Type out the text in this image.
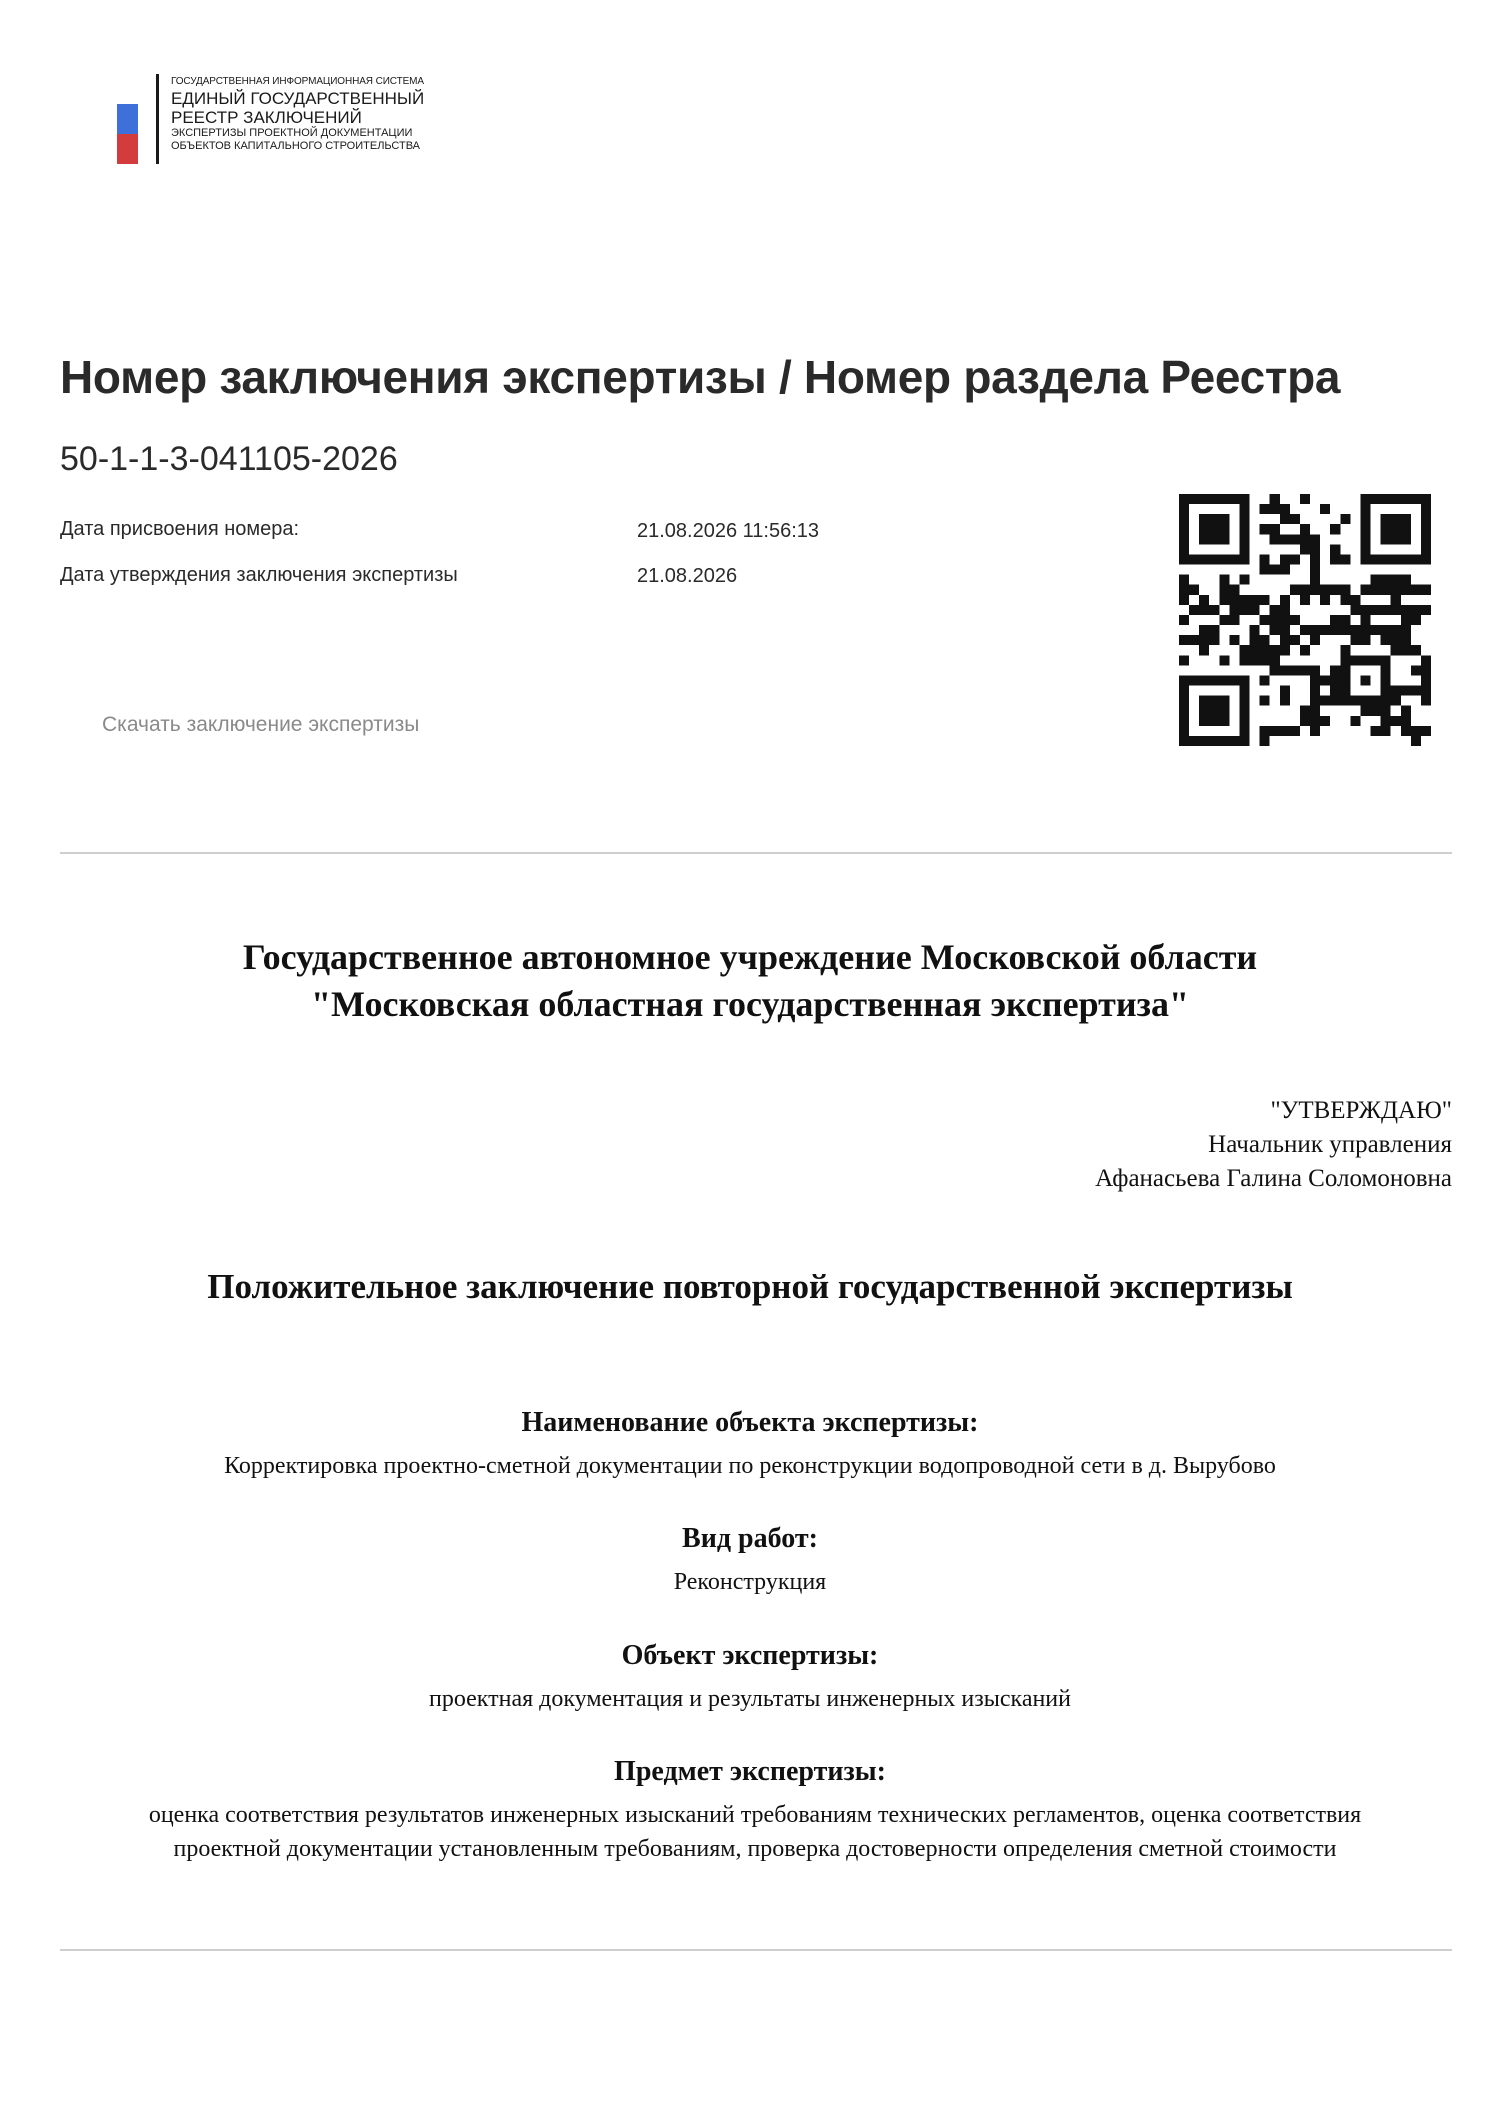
ГОСУДАРСТВЕННАЯ ИНФОРМАЦИОННАЯ СИСТЕМА
ЕДИНЫЙ ГОСУДАРСТВЕННЫЙ
РЕЕСТР ЗАКЛЮЧЕНИЙ
ЭКСПЕРТИЗЫ ПРОЕКТНОЙ ДОКУМЕНТАЦИИ
ОБЪЕКТОВ КАПИТАЛЬНОГО СТРОИТЕЛЬСТВА
Номер заключения экспертизы / Номер раздела Реестра
50-1-1-3-041105-2026
Дата присвоения номера:	21.08.2026 11:56:13
Дата утверждения заключения экспертизы	21.08.2026
Скачать заключение экспертизы
Государственное автономное учреждение Московской области
"Московская областная государственная экспертиза"
"УТВЕРЖДАЮ"
Начальник управления
Афанасьева Галина Соломоновна
Положительное заключение повторной государственной экспертизы
Наименование объекта экспертизы:
Корректировка проектно-сметной документации по реконструкции водопроводной сети в д. Вырубово
Вид работ:
Реконструкция
Объект экспертизы:
проектная документация и результаты инженерных изысканий
Предмет экспертизы:
оценка соответствия результатов инженерных изысканий требованиям технических регламентов, оценка соответствия
проектной документации установленным требованиям, проверка достоверности определения сметной стоимости
